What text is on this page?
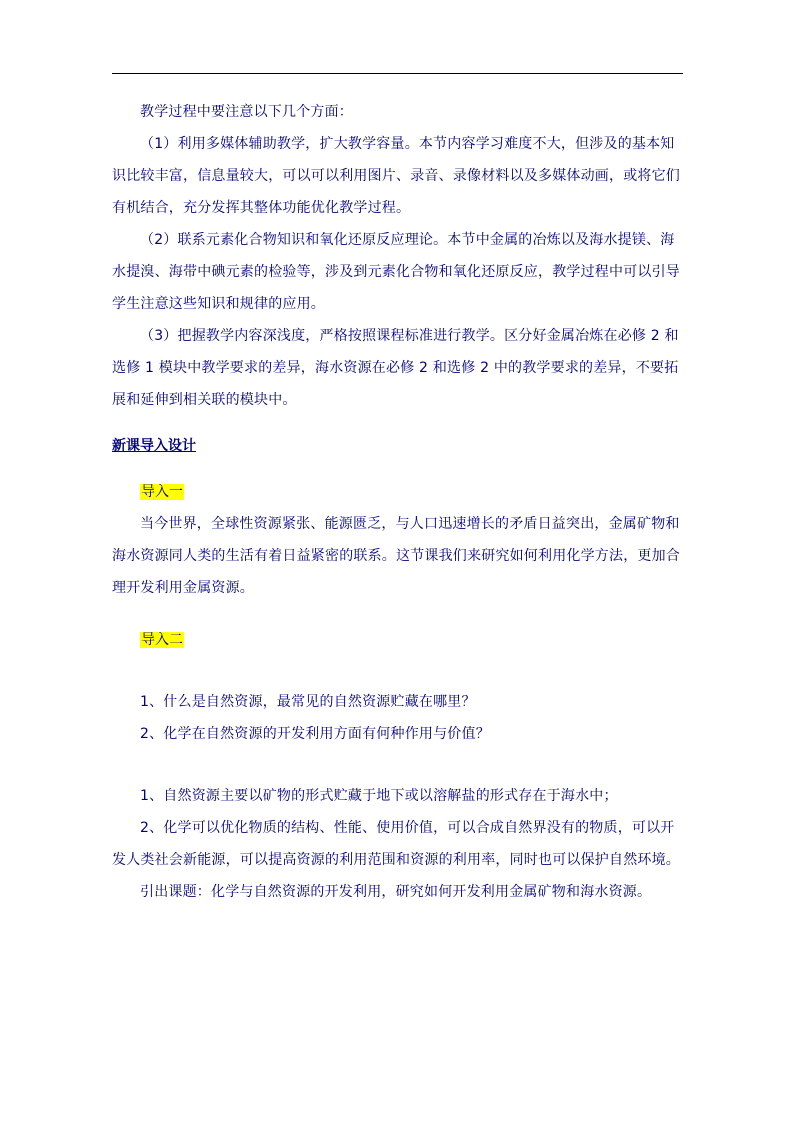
教学过程中要注意以下几个方面：

（1）利用多媒体辅助教学，扩大教学容量。本节内容学习难度不大，但涉及的基本知识比较丰富，信息量较大，可以可以利用图片、录音、录像材料以及多媒体动画，或将它们有机结合，充分发挥其整体功能优化教学过程。

（2）联系元素化合物知识和氧化还原反应理论。本节中金属的冶炼以及海水提镁、海水提溴、海带中碘元素的检验等，涉及到元素化合物和氧化还原反应，教学过程中可以引导学生注意这些知识和规律的应用。

（3）把握教学内容深浅度，严格按照课程标准进行教学。区分好金属冶炼在必修 2 和选修 1 模块中教学要求的差异，海水资源在必修 2 和选修 2 中的教学要求的差异，不要拓展和延伸到相关联的模块中。

新课导入设计

导入一

当今世界，全球性资源紧张、能源匮乏，与人口迅速增长的矛盾日益突出，金属矿物和海水资源同人类的生活有着日益紧密的联系。这节课我们来研究如何利用化学方法，更加合理开发利用金属资源。

导入二

1、什么是自然资源，最常见的自然资源贮藏在哪里？

2、化学在自然资源的开发利用方面有何种作用与价值？

1、自然资源主要以矿物的形式贮藏于地下或以溶解盐的形式存在于海水中；

2、化学可以优化物质的结构、性能、使用价值，可以合成自然界没有的物质，可以开发人类社会新能源，可以提高资源的利用范围和资源的利用率，同时也可以保护自然环境。

引出课题：化学与自然资源的开发利用，研究如何开发利用金属矿物和海水资源。
